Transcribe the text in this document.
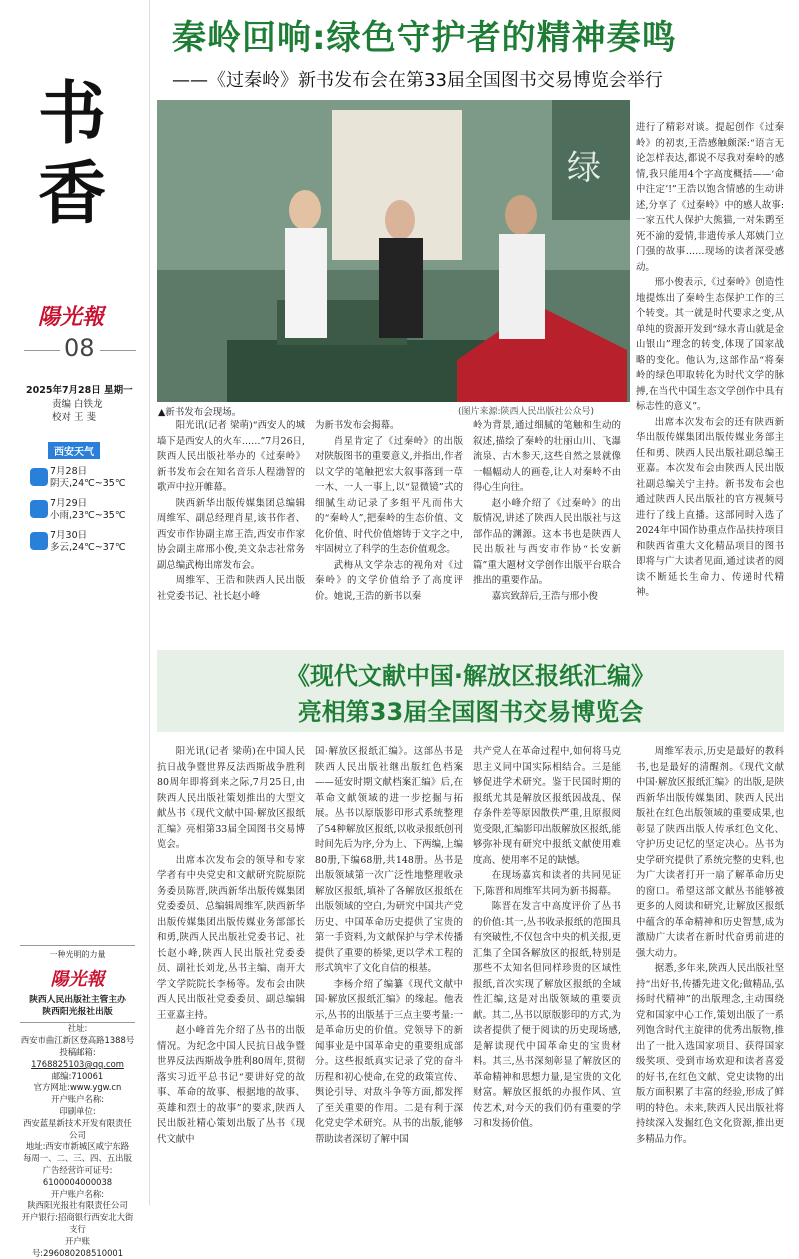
书
香
陽光報
08
2025年7月28日 星期一
责编 白铁龙
校对 王 斐
西安天气
7月28日
阴天,24℃~35℃
7月29日
小雨,23℃~35℃
7月30日
多云,24℃~37℃
一种光明的力量
陽光報
陕西人民出版社主管主办
陕西阳光报社出版
社址:
西安市曲江新区登高路1388号
投稿邮箱:
1768825103@qq.com
邮编:710061
官方网址:www.ygw.cn
开户账户名称:
印刷单位:
西安蓝星新技术开发有限责任公司
地址:西安市新城区咸宁东路
每周一、二、三、四、五出版
广告经营许可证号:
6100004000038
开户账户名称:
陕西阳光报社有限责任公司
开户银行:招商银行西安北大街支行
开户账号:296080208510001
秦岭回响:绿色守护者的精神奏鸣
——《过秦岭》新书发布会在第33届全国图书交易博览会举行
绿
▲新书发布会现场。	(图片来源:陕西人民出版社公众号)

阳光讯(记者 梁萌)“西安人的城墙下是西安人的火车……”7月26日,陕西人民出版社举办的《过秦岭》新书发布会在知名音乐人程渤智的歌声中拉开帷幕。

陕西新华出版传媒集团总编辑周维军、副总经理肖星,该书作者、西安市作协副主席王浩,西安市作家协会副主席邢小俊,美文杂志社常务副总编武梅出席发布会。

周维军、王浩和陕西人民出版社党委书记、社长赵小峰

为新书发布会揭幕。

肖星肯定了《过秦岭》的出版对陕版图书的重要意义,并指出,作者以文学的笔触把宏大叙事落到一草一木、一人一事上,以“显微镜”式的细腻生动记录了多组平凡而伟大的“秦岭人”,把秦岭的生态价值、文化价值、时代价值熔铸于文字之中,牢固树立了科学的生态价值观念。

武梅从文学杂志的视角对《过秦岭》的文学价值给予了高度评价。她说,王浩的新书以秦

岭为背景,通过细腻的笔触和生动的叙述,描绘了秦岭的壮丽山川、飞瀑流泉、古木参天,这些自然之景就像一幅幅动人的画卷,让人对秦岭不由得心生向往。

赵小峰介绍了《过秦岭》的出版情况,讲述了陕西人民出版社与这部作品的渊源。这本书也是陕西人民出版社与西安市作协“长安新篇”重大题材文学创作出版平台联合推出的重要作品。

嘉宾致辞后,王浩与邢小俊

进行了精彩对谈。提起创作《过秦岭》的初衷,王浩感触颇深:“语言无论怎样表达,都说不尽我对秦岭的感情,我只能用4个字高度概括——‘命中注定’!”王浩以饱含情感的生动讲述,分享了《过秦岭》中的感人故事:一家五代人保护大熊猫,一对朱鹮至死不渝的爱情,非遗传承人郑姨门立门强的故事……现场的读者深受感动。

邢小俊表示,《过秦岭》创造性地提炼出了秦岭生态保护工作的三个转变。其一就是时代要求之变,从单纯的资源开发到“绿水青山就是金山银山”理念的转变,体现了国家战略的变化。他认为,这部作品“将秦岭的绿色叩取转化为时代文学的脉搏,在当代中国生态文学创作中具有标志性的意义”。

出席本次发布会的还有陕西新华出版传媒集团出版传媒业务部主任和勇、陕西人民出版社副总编王亚嘉。本次发布会由陕西人民出版社副总编关宁主持。新书发布会也通过陕西人民出版社的官方视频号进行了线上直播。这部同时入选了2024年中国作协重点作品扶持项目和陕西省重大文化精品项目的图书即将与广大读者见面,通过读者的阅读不断延长生命力、传递时代精神。

《现代文献中国·解放区报纸汇编》
亮相第33届全国图书交易博览会

阳光讯(记者 梁萌)在中国人民抗日战争暨世界反法西斯战争胜利80周年即将到来之际,7月25日,由陕西人民出版社策划推出的大型文献丛书《现代文献中国·解放区报纸汇编》亮相第33届全国图书交易博览会。

出席本次发布会的领导和专家学者有中央党史和文献研究院原院务委员陈晋,陕西新华出版传媒集团党委委员、总编辑周维军,陕西新华出版传媒集团出版传媒业务部部长和勇,陕西人民出版社党委书记、社长赵小峰,陕西人民出版社党委委员、副社长刘龙,丛书主编、南开大学文学院院长李杨等。发布会由陕西人民出版社党委委员、副总编辑王亚嘉主持。

赵小峰首先介绍了丛书的出版情况。为纪念中国人民抗日战争暨世界反法西斯战争胜利80周年,贯彻落实习近平总书记“要讲好党的故事、革命的故事、根据地的故事、英雄和烈士的故事”的要求,陕西人民出版社精心策划出版了丛书《现代文献中

国·解放区报纸汇编》。这部丛书是陕西人民出版社继出版红色档案——延安时期文献档案汇编》后,在革命文献领域的进一步挖掘与拓展。丛书以原版影印形式系统整理了54种解放区报纸,以收录报纸创刊时间先后为序,分为上、下两编,上编80册,下编68册,共148册。丛书是出版领域第一次广泛性地整理收录解放区报纸,填补了各解放区报纸在出版领域的空白,为研究中国共产党历史、中国革命历史提供了宝贵的第一手资料,为文献保护与学术传播提供了重要的桥梁,更以学术工程的形式筑牢了文化自信的根基。

李杨介绍了编纂《现代文献中国·解放区报纸汇编》的缘起。他表示,丛书的出版基于三点主要考量:一是革命历史的价值。党领导下的新闻事业是中国革命史的重要组成部分。这些报纸真实记录了党的奋斗历程和初心使命,在党的政策宣传、舆论引导、对敌斗争等方面,都发挥了至关重要的作用。二是有利于深化党史学术研究。从书的出版,能够帮助读者深切了解中国

共产党人在革命过程中,如何将马克思主义同中国实际相结合。三是能够促进学术研究。鉴于民国时期的报纸尤其是解放区报纸因战乱、保存条件差等原因散佚严重,且原报阅览受限,汇编影印出版解放区报纸,能够弥补现有研究中报纸文献使用难度高、使用率不足的缺憾。

在现场嘉宾和读者的共同见证下,陈晋和周维军共同为新书揭幕。

陈晋在发言中高度评价了丛书的价值:其一,丛书收录报纸的范围具有突破性,不仅包含中央的机关报,更汇集了全国各解放区的报纸,特别是那些不太知名但同样珍贵的区域性报纸,首次实现了解放区报纸的全域性汇编,这是对出版领域的重要贡献。其二,丛书以原版影印的方式,为读者提供了便于阅读的历史现场感,是解读现代中国革命史的宝贵材料。其三,丛书深刻彰显了解放区的革命精神和思想力量,是宝贵的文化财富。解放区报纸的办报作风、宣传艺术,对今天的我们仍有重要的学习和发扬价值。

周维军表示,历史是最好的教科书,也是最好的清醒剂。《现代文献中国·解放区报纸汇编》的出版,是陕西新华出版传媒集团、陕西人民出版社在红色出版领域的重要成果,也彰显了陕西出版人传承红色文化、守护历史记忆的坚定决心。丛书为史学研究提供了系统完整的史料,也为广大读者打开一扇了解革命历史的窗口。希望这部文献丛书能够被更多的人阅读和研究,让解放区报纸中蕴含的革命精神和历史智慧,成为激励广大读者在新时代奋勇前进的强大动力。

据悉,多年来,陕西人民出版社坚持“出好书,传播先进文化;做精品,弘扬时代精神”的出版理念,主动围绕党和国家中心工作,策划出版了一系列饱含时代主旋律的优秀出版物,推出了一批入选国家项目、获得国家级奖项、受到市场欢迎和读者喜爱的好书,在红色文献、党史读物的出版方面积累了丰富的经验,形成了鲜明的特色。未来,陕西人民出版社将持续深入发掘红色文化资源,推出更多精品力作。
